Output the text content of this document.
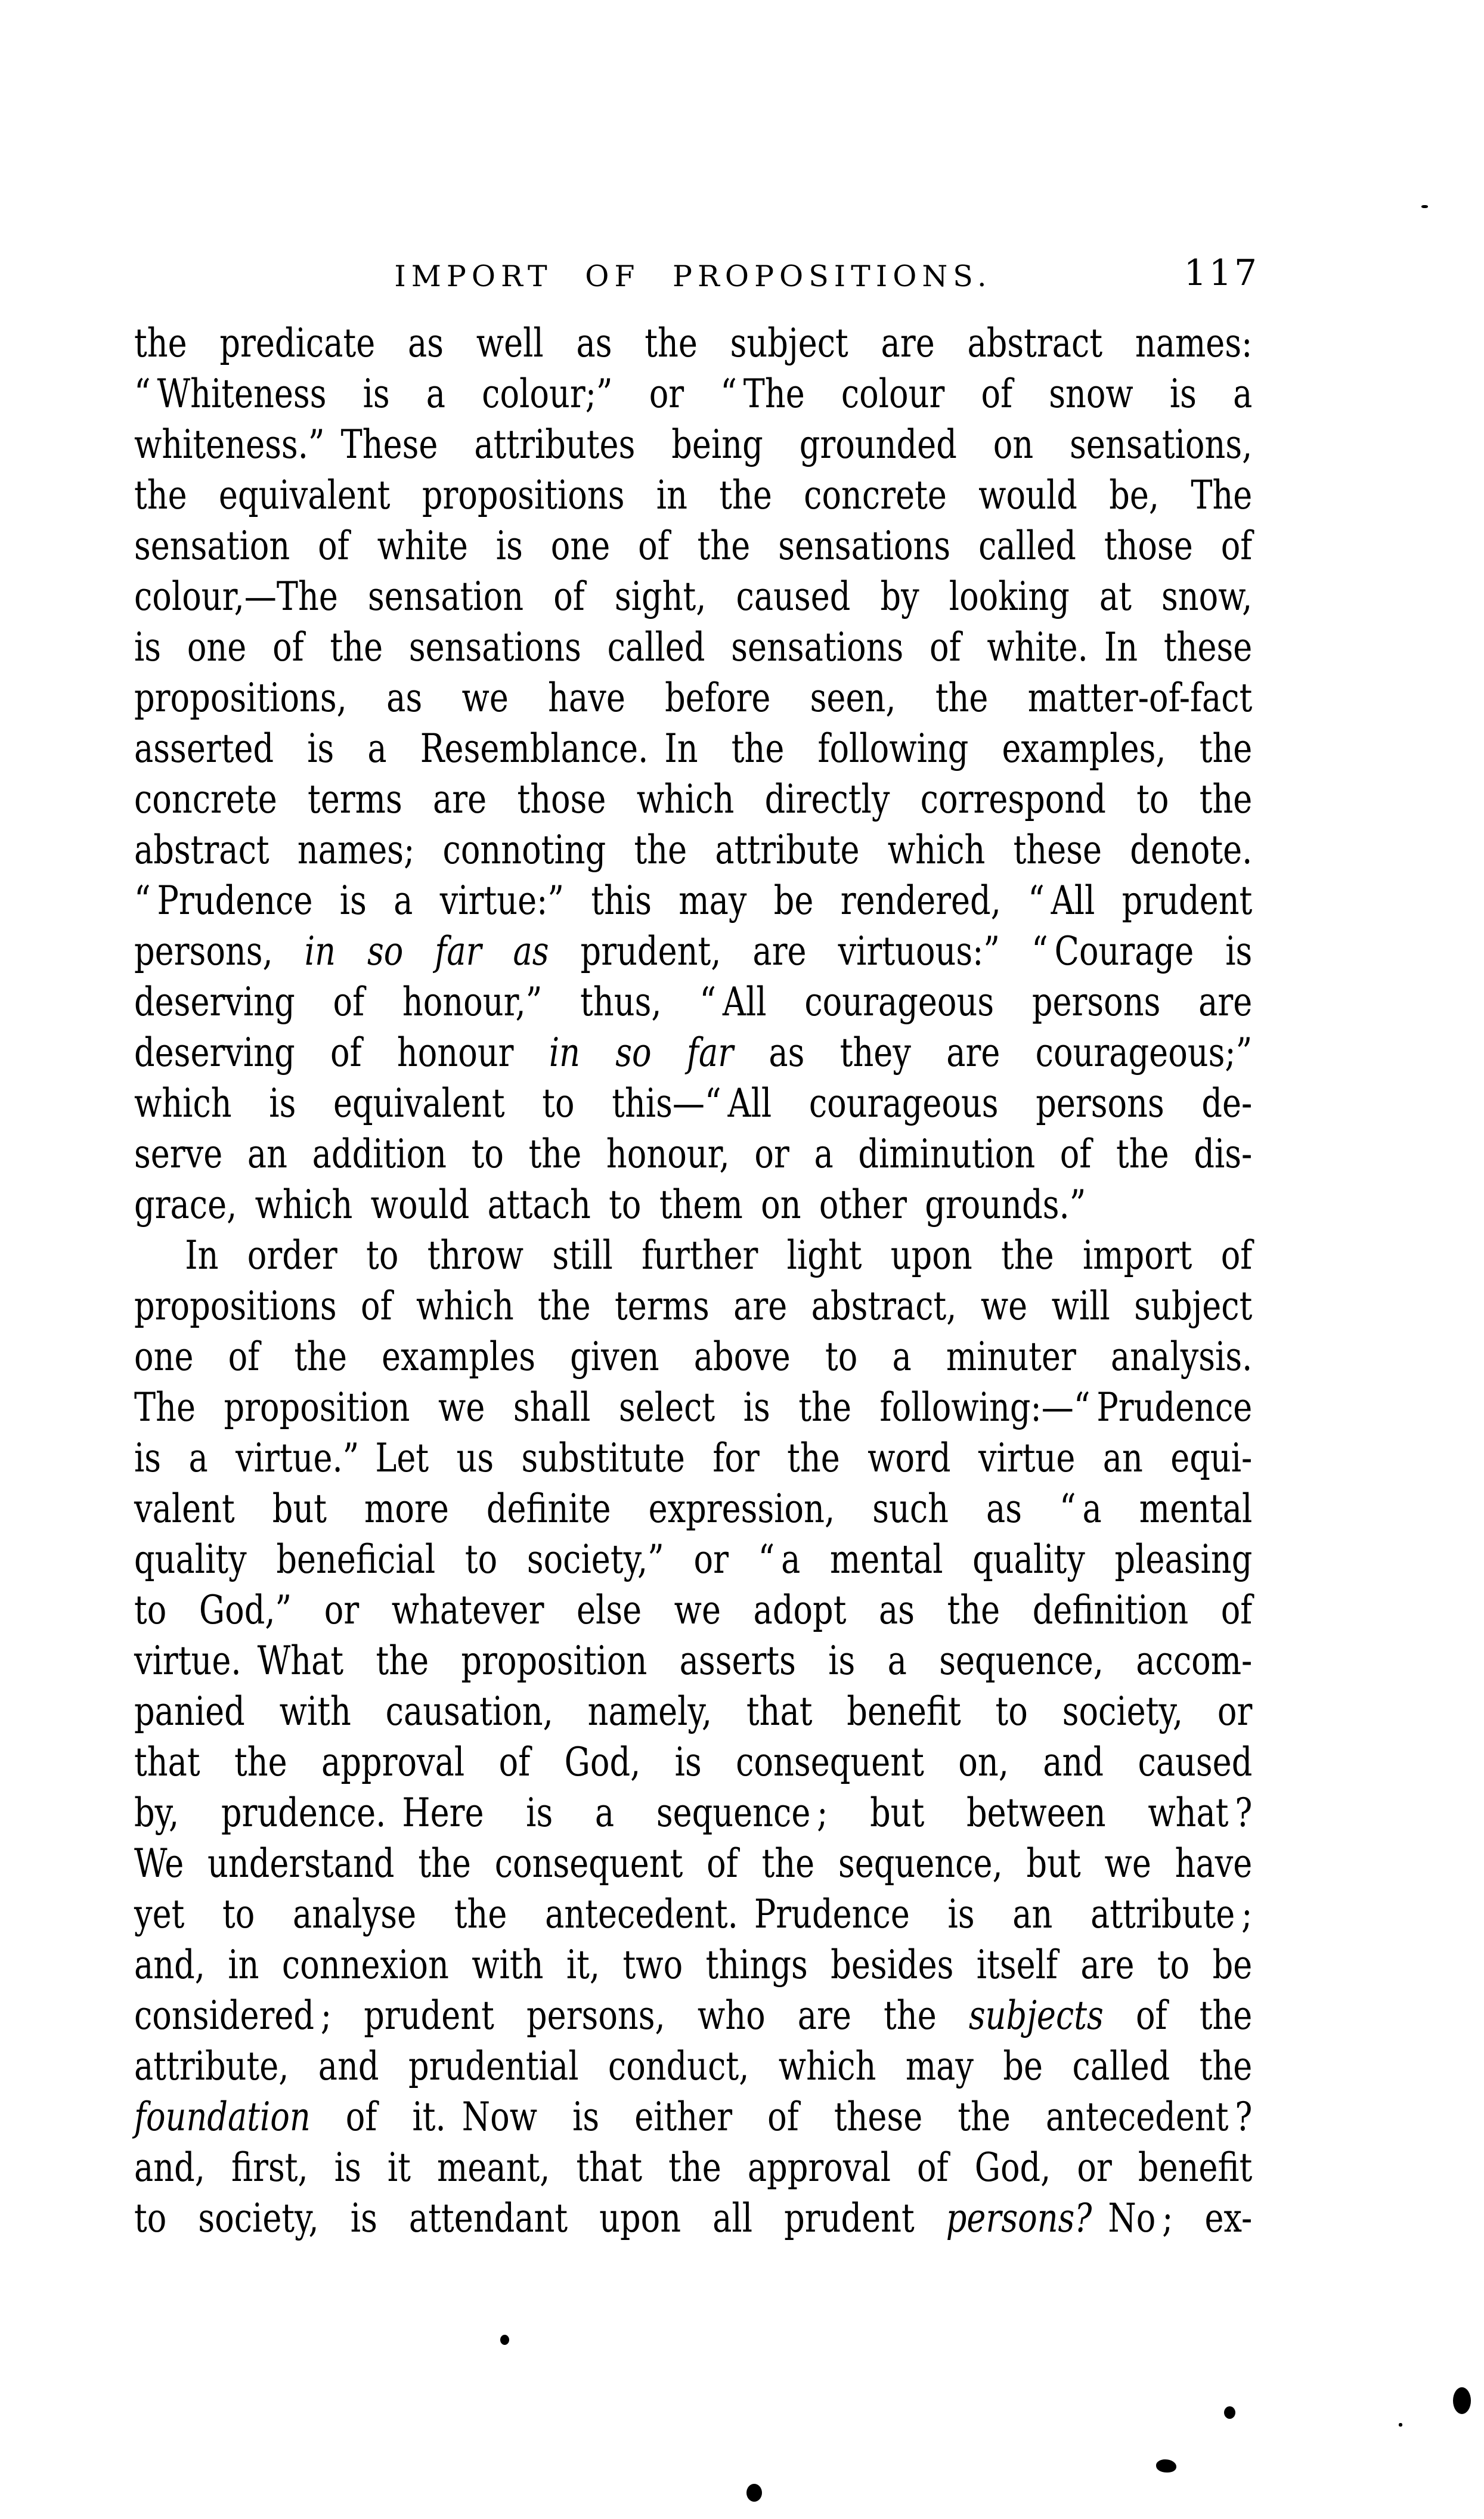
IMPORT OF PROPOSITIONS.	117
the predicate as well as the subject are abstract names:
“ Whiteness is a colour;” or “ The colour of snow is a
whiteness.” These attributes being grounded on sensations,
the equivalent propositions in the concrete would be, The
sensation of white is one of the sensations called those of
colour,—The sensation of sight, caused by looking at snow,
is one of the sensations called sensations of white. In these
propositions, as we have before seen, the matter-of-fact
asserted is a Resemblance. In the following examples, the
concrete terms are those which directly correspond to the
abstract names; connoting the attribute which these denote.
“ Prudence is a virtue:” this may be rendered, “ All prudent
persons, in so far as prudent, are virtuous:” “ Courage is
deserving of honour,” thus, “ All courageous persons are
deserving of honour in so far as they are courageous;”
which is equivalent to this—“ All courageous persons de-
serve an addition to the honour, or a diminution of the dis-
grace, which would attach to them on other grounds.”
In order to throw still further light upon the import of
propositions of which the terms are abstract, we will subject
one of the examples given above to a minuter analysis.
The proposition we shall select is the following:—“ Prudence
is a virtue.” Let us substitute for the word virtue an equi-
valent but more definite expression, such as “ a mental
quality beneficial to society,” or “ a mental quality pleasing
to God,” or whatever else we adopt as the definition of
virtue. What the proposition asserts is a sequence, accom-
panied with causation, namely, that benefit to society, or
that the approval of God, is consequent on, and caused
by, prudence. Here is a sequence ; but between what ?
We understand the consequent of the sequence, but we have
yet to analyse the antecedent. Prudence is an attribute ;
and, in connexion with it, two things besides itself are to be
considered ; prudent persons, who are the subjects of the
attribute, and prudential conduct, which may be called the
foundation of it. Now is either of these the antecedent ?
and, first, is it meant, that the approval of God, or benefit
to society, is attendant upon all prudent persons? No ; ex-
